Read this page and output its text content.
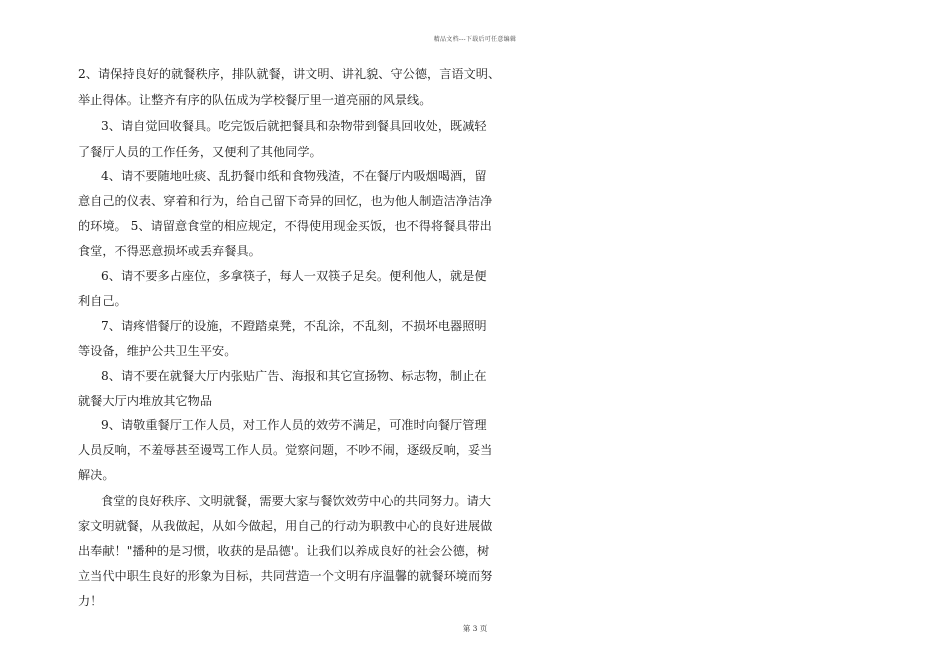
精品文档---下载后可任意编辑
2、请保持良好的就餐秩序，排队就餐，讲文明、讲礼貌、守公德，言语文明、
举止得体。让整齐有序的队伍成为学校餐厅里一道亮丽的风景线。
3、请自觉回收餐具。吃完饭后就把餐具和杂物带到餐具回收处，既减轻
了餐厅人员的工作任务，又便利了其他同学。
4、请不要随地吐痰、乱扔餐巾纸和食物残渣，不在餐厅内吸烟喝酒，留
意自己的仪表、穿着和行为，给自己留下奇异的回忆，也为他人制造洁净洁净
的环境。 5、请留意食堂的相应规定，不得使用现金买饭，也不得将餐具带出
食堂，不得恶意损坏或丢弃餐具。
6、请不要多占座位，多拿筷子，每人一双筷子足矣。便利他人，就是便
利自己。
7、请疼惜餐厅的设施，不蹬踏桌凳，不乱涂，不乱刻，不损坏电器照明
等设备，维护公共卫生平安。
8、请不要在就餐大厅内张贴广告、海报和其它宣扬物、标志物，制止在
就餐大厅内堆放其它物品
9、请敬重餐厅工作人员，对工作人员的效劳不满足，可准时向餐厅管理
人员反响，不羞辱甚至谩骂工作人员。觉察问题，不吵不闹，逐级反响，妥当
解决。
食堂的良好秩序、文明就餐，需要大家与餐饮效劳中心的共同努力。请大
家文明就餐，从我做起，从如今做起，用自己的行动为职教中心的良好进展做
出奉献！"播种的是习惯，收获的是品德'。让我们以养成良好的社会公德，树
立当代中职生良好的形象为目标，共同营造一个文明有序温馨的就餐环境而努
力！
第 3 页
